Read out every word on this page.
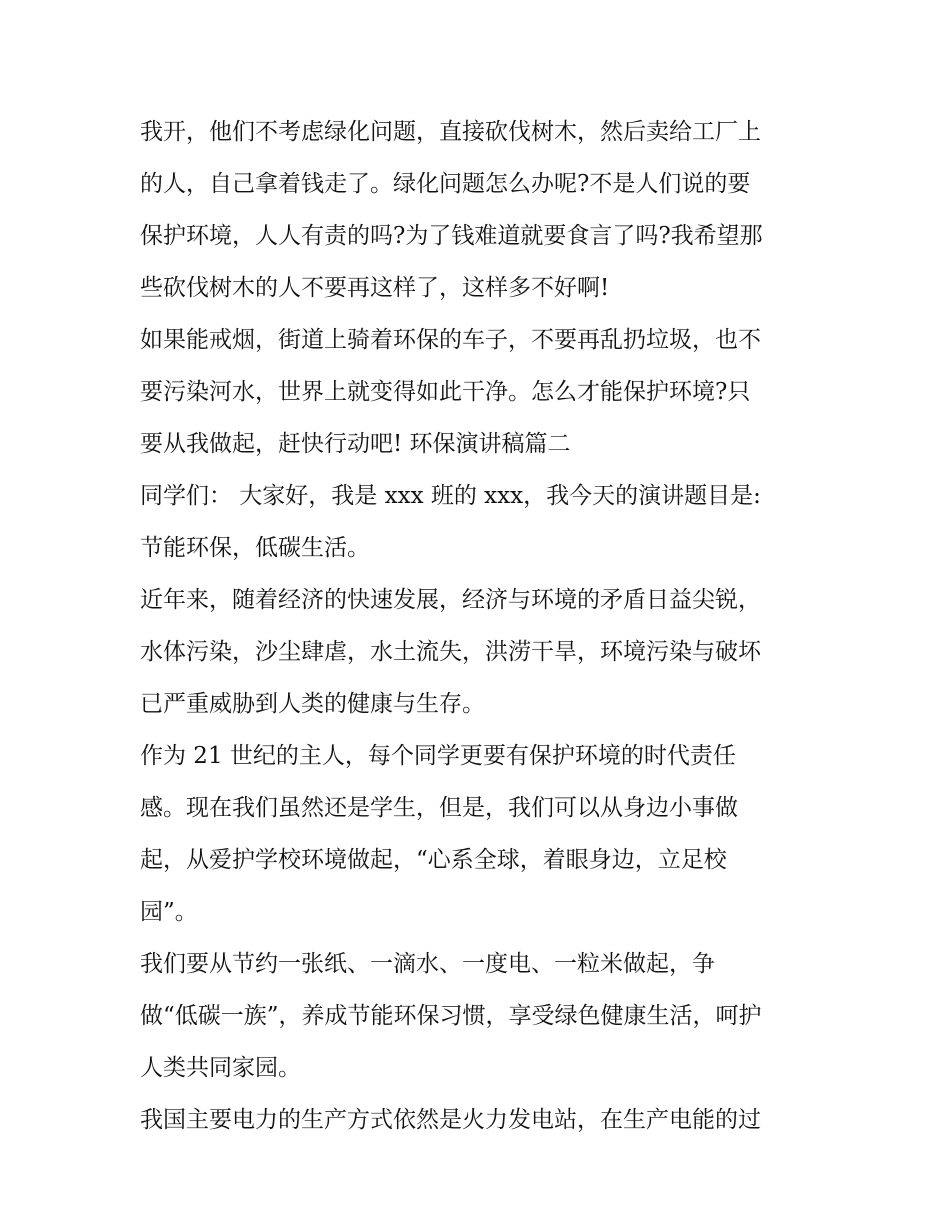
我开，他们不考虑绿化问题，直接砍伐树木，然后卖给工厂上
的人，自己拿着钱走了。绿化问题怎么办呢?不是人们说的要
保护环境，人人有责的吗?为了钱难道就要食言了吗?我希望那
些砍伐树木的人不要再这样了，这样多不好啊!
如果能戒烟，街道上骑着环保的车子，不要再乱扔垃圾，也不
要污染河水，世界上就变得如此干净。怎么才能保护环境?只
要从我做起，赶快行动吧! 环保演讲稿篇二
同学们： 大家好，我是 xxx 班的 xxx，我今天的演讲题目是:
节能环保，低碳生活。
近年来，随着经济的快速发展，经济与环境的矛盾日益尖锐，
水体污染，沙尘肆虐，水土流失，洪涝干旱，环境污染与破坏
已严重威胁到人类的健康与生存。
作为 21 世纪的主人，每个同学更要有保护环境的时代责任
感。现在我们虽然还是学生，但是，我们可以从身边小事做
起，从爱护学校环境做起，“心系全球，着眼身边，立足校
园”。
我们要从节约一张纸、一滴水、一度电、一粒米做起，争
做“低碳一族”，养成节能环保习惯，享受绿色健康生活，呵护
人类共同家园。
我国主要电力的生产方式依然是火力发电站，在生产电能的过
